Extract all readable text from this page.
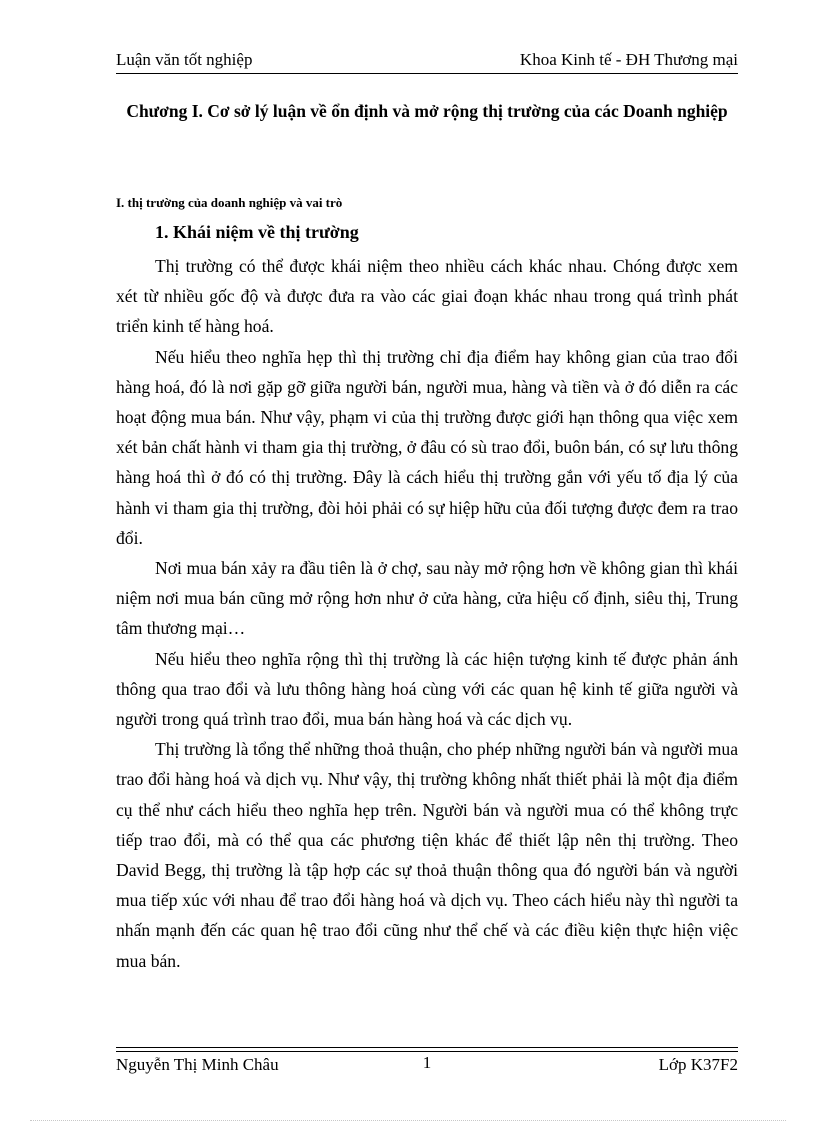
Luận văn tốt nghiệp	Khoa Kinh tế - ĐH Thương mại
Chương I. Cơ sở lý luận về ổn định và mở rộng thị trường của các Doanh nghiệp
I. thị trường của doanh nghiệp và vai trò
1. Khái niệm về thị trường

Thị trường có thể được khái niệm theo nhiều cách khác nhau. Chóng được xem xét từ nhiều gốc độ và được đưa ra vào các giai đoạn khác nhau trong quá trình phát triển kinh tế hàng hoá.

Nếu hiểu theo nghĩa hẹp thì thị trường chỉ địa điểm hay không gian của trao đổi hàng hoá, đó là nơi gặp gỡ giữa người bán, người mua, hàng và tiền và ở đó diễn ra các hoạt động mua bán. Như vậy, phạm vi của thị trường được giới hạn thông qua việc xem xét bản chất hành vi tham gia thị trường, ở đâu có sù trao đổi, buôn bán, có sự lưu thông hàng hoá thì ở đó có thị trường. Đây là cách hiểu thị trường gắn với yếu tố địa lý của hành vi tham gia thị trường, đòi hỏi phải có sự hiệp hữu của đối tượng được đem ra trao đổi.

Nơi mua bán xảy ra đầu tiên là ở chợ, sau này mở rộng hơn về không gian thì khái niệm nơi mua bán cũng mở rộng hơn như ở cửa hàng, cửa hiệu cố định, siêu thị, Trung tâm thương mại…

Nếu hiểu theo nghĩa rộng thì thị trường là các hiện tượng kinh tế được phản ánh thông qua trao đổi và lưu thông hàng hoá cùng với các quan hệ kinh tế giữa người và người trong quá trình trao đổi, mua bán hàng hoá và các dịch vụ.

Thị trường là tổng thể những thoả thuận, cho phép những người bán và người mua trao đổi hàng hoá và dịch vụ. Như vậy, thị trường không nhất thiết phải là một địa điểm cụ thể như cách hiểu theo nghĩa hẹp trên. Người bán và người mua có thể không trực tiếp trao đổi, mà có thể qua các phương tiện khác để thiết lập nên thị trường. Theo David Begg, thị trường là tập hợp các sự thoả thuận thông qua đó người bán và người mua tiếp xúc với nhau để trao đổi hàng hoá và dịch vụ. Theo cách hiểu này thì người ta nhấn mạnh đến các quan hệ trao đổi cũng như thể chế và các điều kiện thực hiện việc mua bán.

Nguyễn Thị Minh Châu	1	Lớp K37F2
